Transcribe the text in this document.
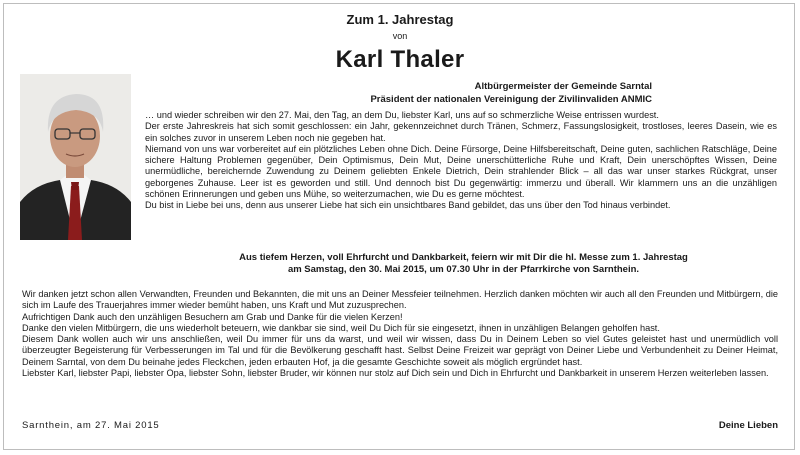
Zum 1. Jahrestag
von
Karl Thaler
Altbürgermeister der Gemeinde Sarntal
Präsident der nationalen Vereinigung der Zivilinvaliden ANMIC

… und wieder schreiben wir den 27. Mai, den Tag, an dem Du, liebster Karl, uns auf so schmerzliche Weise entrissen wurdest.

Der erste Jahreskreis hat sich somit geschlossen: ein Jahr, gekennzeichnet durch Tränen, Schmerz, Fassungslosigkeit, trostloses, leeres Dasein, wie es ein solches zuvor in unserem Leben noch nie gegeben hat.

Niemand von uns war vorbereitet auf ein plötzliches Leben ohne Dich. Deine Fürsorge, Deine Hilfsbereitschaft, Deine guten, sachlichen Ratschläge, Deine sichere Haltung Problemen gegenüber, Dein Optimismus, Dein Mut, Deine unerschütterliche Ruhe und Kraft, Dein unerschöpftes Wissen, Deine unermüdliche, bereichernde Zuwendung zu Deinem geliebten Enkele Dietrich, Dein strahlender Blick – all das war unser starkes Rückgrat, unser geborgenes Zuhause. Leer ist es geworden und still. Und dennoch bist Du gegenwärtig: immerzu und überall. Wir klammern uns an die unzähligen schönen Erinnerungen und geben uns Mühe, so weiterzumachen, wie Du es gerne möchtest.

Du bist in Liebe bei uns, denn aus unserer Liebe hat sich ein unsichtbares Band gebildet, das uns über den Tod hinaus verbindet.

Aus tiefem Herzen, voll Ehrfurcht und Dankbarkeit, feiern wir mit Dir die hl. Messe zum 1. Jahrestag
am Samstag, den 30. Mai 2015, um 07.30 Uhr in der Pfarrkirche von Sarnthein.

Wir danken jetzt schon allen Verwandten, Freunden und Bekannten, die mit uns an Deiner Messfeier teilnehmen. Herzlich danken möchten wir auch all den Freunden und Mitbürgern, die sich im Laufe des Trauerjahres immer wieder bemüht haben, uns Kraft und Mut zuzusprechen.

Aufrichtigen Dank auch den unzähligen Besuchern am Grab und Danke für die vielen Kerzen!

Danke den vielen Mitbürgern, die uns wiederholt beteuern, wie dankbar sie sind, weil Du Dich für sie eingesetzt, ihnen in unzähligen Belangen geholfen hast.

Diesem Dank wollen auch wir uns anschließen, weil Du immer für uns da warst, und weil wir wissen, dass Du in Deinem Leben so viel Gutes geleistet hast und unermüdlich voll überzeugter Begeisterung für Verbesserungen im Tal und für die Bevölkerung geschafft hast. Selbst Deine Freizeit war geprägt von Deiner Liebe und Verbundenheit zu Deiner Heimat, Deinem Sarntal, von dem Du beinahe jedes Fleckchen, jeden erbauten Hof, ja die gesamte Geschichte soweit als möglich ergründet hast.

Liebster Karl, liebster Papi, liebster Opa, liebster Sohn, liebster Bruder, wir können nur stolz auf Dich sein und Dich in Ehrfurcht und Dankbarkeit in unserem Herzen weiterleben lassen.

Sarnthein, am 27. Mai 2015	Deine Lieben
